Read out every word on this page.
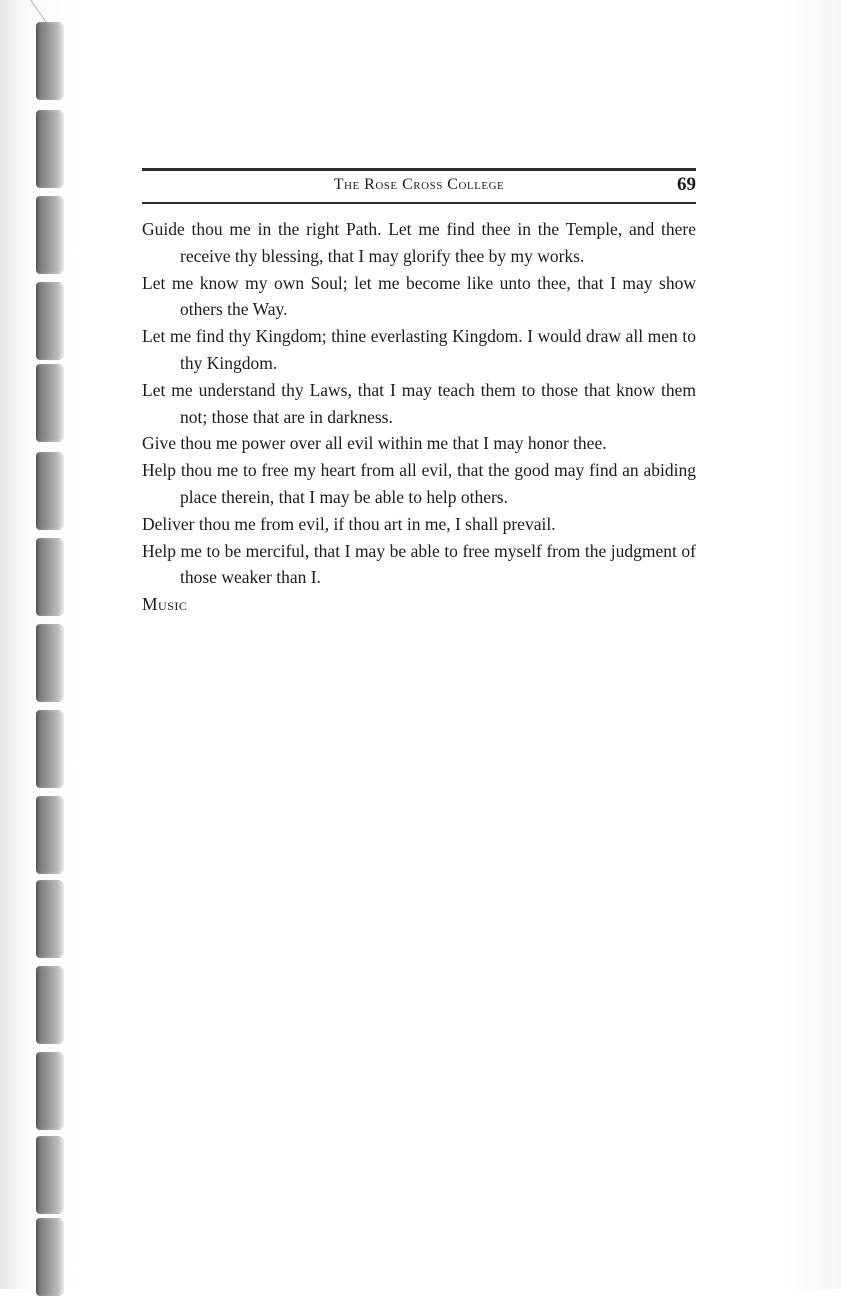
The Rose Cross College	69

Guide thou me in the right Path. Let me find thee in the Temple, and there receive thy blessing, that I may glorify thee by my works.

Let me know my own Soul; let me become like unto thee, that I may show others the Way.

Let me find thy Kingdom; thine everlasting Kingdom. I would draw all men to thy Kingdom.

Let me understand thy Laws, that I may teach them to those that know them not; those that are in darkness.

Give thou me power over all evil within me that I may honor thee.

Help thou me to free my heart from all evil, that the good may find an abiding place therein, that I may be able to help others.

Deliver thou me from evil, if thou art in me, I shall prevail.

Help me to be merciful, that I may be able to free myself from the judgment of those weaker than I.

Music
